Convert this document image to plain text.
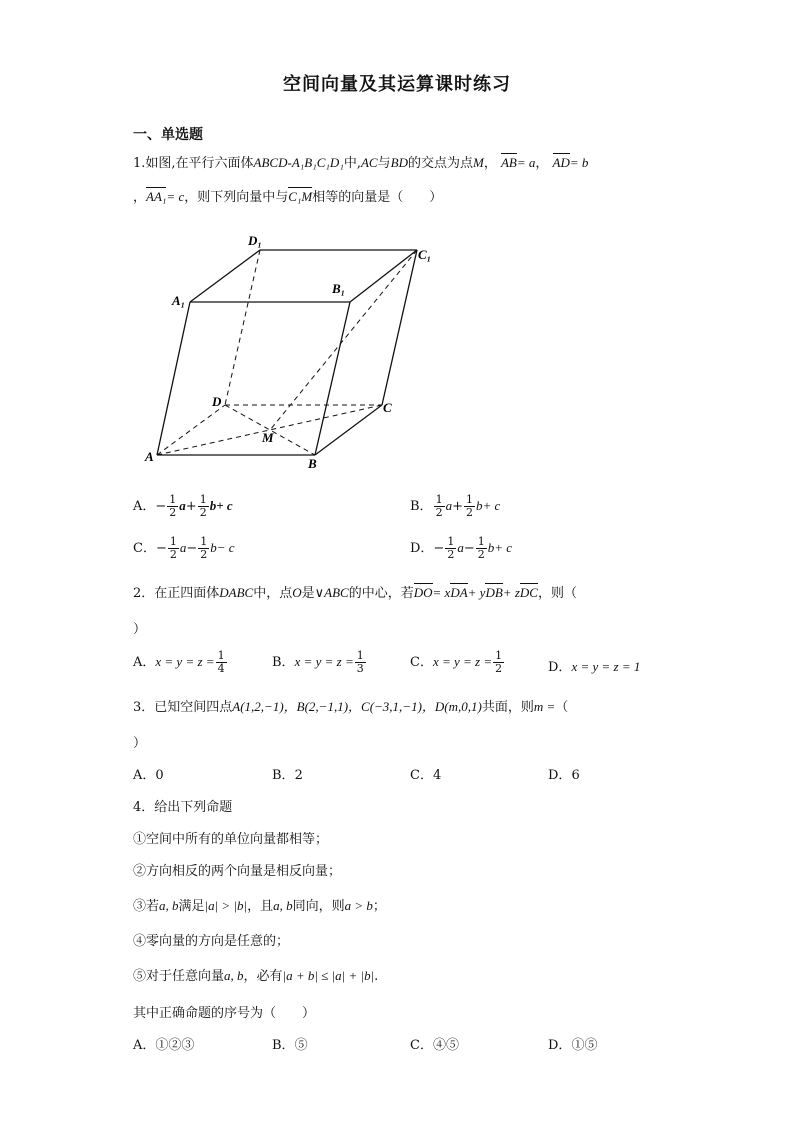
空间向量及其运算课时练习
一、单选题
1.如图,在平行六面体ABCD-A₁B₁C₁D₁中,AC与BD的交点为点M， AB= a， AD= b
，AA₁= c，则下列向量中与C₁M相等的向量是（　　）
D₁
C₁
A₁
B₁
D	C
M
A	B
A．− $\frac{1}{2} a+ \frac{1}{2} b+ c$	B． $\frac{1}{2} a+ \frac{1}{2} b+ c$
C．− $\frac{1}{2} a- \frac{1}{2} b- c$	D．− $\frac{1}{2} a- \frac{1}{2} b+ c$
2．在正四面体DABC中，点O是∨ABC的中心，若DO= xDA+ yDB+ zDC，则（
）
A．$x = y = z = \frac{1}{4}$	B．$x = y = z = \frac{1}{3}$	C．$x = y = z = \frac{1}{2}$	D．x = y = z = 1
3．已知空间四点A(1,2,−1)，B(2,−1,1)，C(−3,1,−1)，D(m,0,1)共面，则m =（
）
A．0	B．2	C．4	D．6
4．给出下列命题
①空间中所有的单位向量都相等；
②方向相反的两个向量是相反向量；
③若a, b满足|a| > |b|，且a, b同向，则a > b；
④零向量的方向是任意的；
⑤对于任意向量a, b，必有|a + b| ≤ |a| + |b|.
其中正确命题的序号为（　　）
A．①②③	B．⑤	C．④⑤	D．①⑤
